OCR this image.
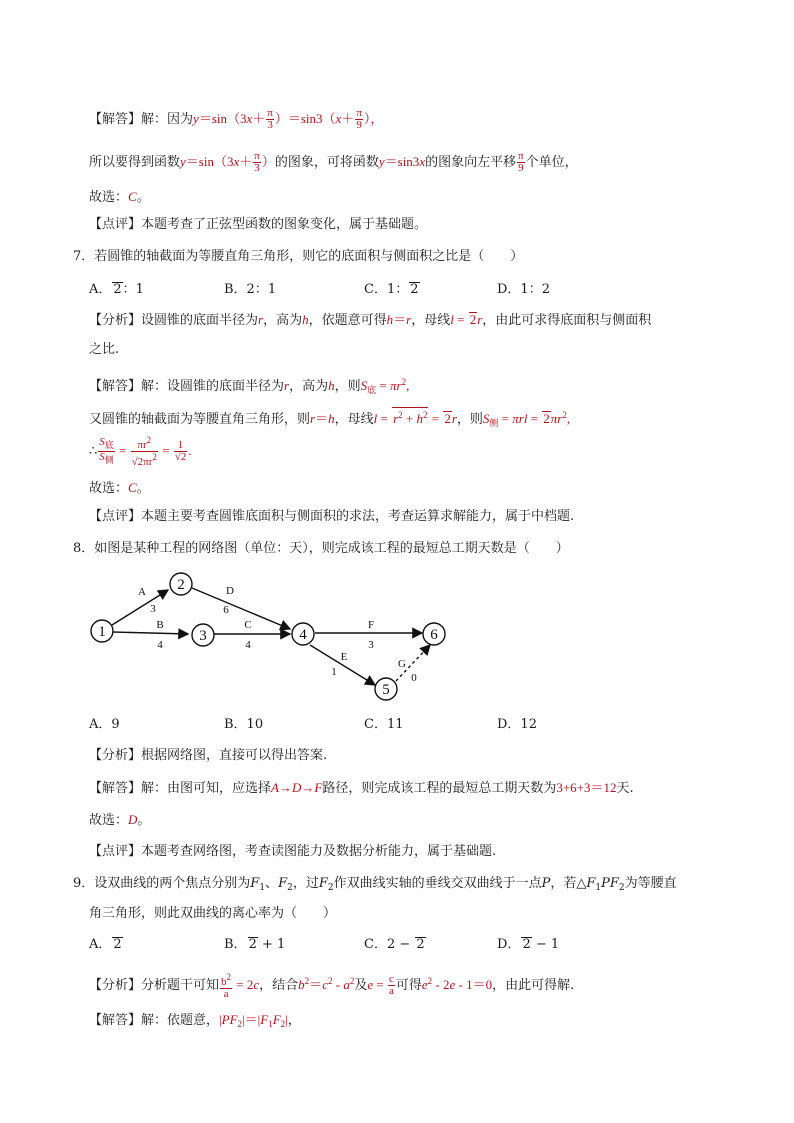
【解答】解：因为$y=\sin(3x+ \frac{\pi}{3} )=\sin 3(x+ \frac{\pi}{9}$ ），
所以要得到函数$y=\sin(3x+ \frac{\pi}{3}$ ）的图象，可将函数y＝sin3x的图象向左平移 $\frac{\pi}{9}$ 个单位，
故选：C。
【点评】本题考查了正弦型函数的图象变化，属于基础题。
7．若圆锥的轴截面为等腰直角三角形，则它的底面积与侧面积之比是（　　）
A． 2：1	B．2：1	C．1： 2	D．1：2
【分析】设圆锥的底面半径为r，高为h，依题意可得h＝r，母线l = 2r，由此可求得底面积与侧面积
之比.
【解答】解：设圆锥的底面半径为r，高为h，则$S_底 = \pi r^2$,
又圆锥的轴截面为等腰直角三角形，则r＝h，母线$l = r^2 + h^2 = 2r$，则$S_侧 = \pi rl = 2\pi r^2$,
∴ $\frac{S_底}{S_侧} = \frac{\pi r^2}{√2\pi r^2} = \frac{1}{√2}$ .
故选：C。
【点评】本题主要考查圆锥底面积与侧面积的求法，考查运算求解能力，属于中档题.
8．如图是某种工程的网络图（单位：天），则完成该工程的最短总工期天数是（　　）
1
2
3	4
5
6
A
3
B
4
C
4
D
6
E
1
F
3
G
0
A．9	B．10	C．11	D．12
【分析】根据网络图，直接可以得出答案.
【解答】解：由图可知，应选择A→D→F路径，则完成该工程的最短总工期天数为3+6+3＝12天.
故选：D。
【点评】本题考查网络图，考查读图能力及数据分析能力，属于基础题.
9．设双曲线的两个焦点分别为$F_1$、$F_2$，过$F_2$作双曲线实轴的垂线交双曲线于一点P，若$\triangle F_1PF_2$为等腰直
角三角形，则此双曲线的离心率为（　　）
A． 2	B． 2 + 1	C．2 − 2	D． 2 − 1
【分析】分析题干可知 $\frac{b^2}{a} = 2c$，结合$b^2=c^2 - a^2$及$e = \frac{c}{a}$ 可得$e^2 - 2e - 1=0$，由此可得解.
【解答】解：依题意，$|PF_2|=|F_1F_2|$，
